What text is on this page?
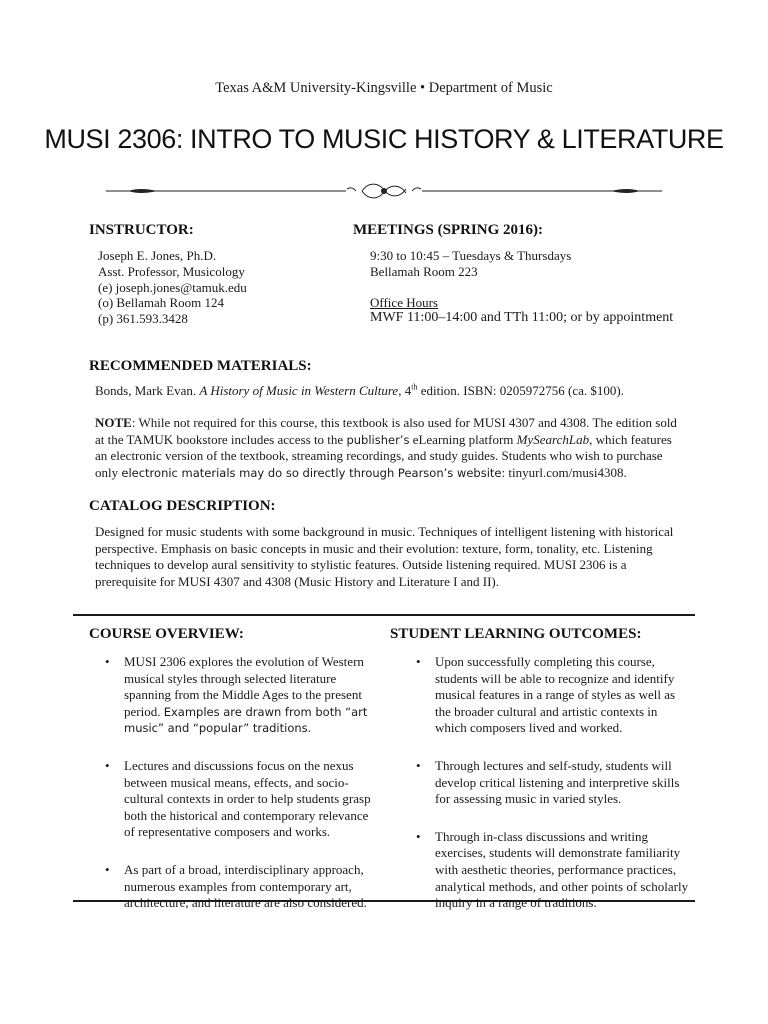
Texas A&M University-Kingsville • Department of Music
MUSI 2306: INTRO TO MUSIC HISTORY & LITERATURE
INSTRUCTOR:
Joseph E. Jones, Ph.D.
Asst. Professor, Musicology
(e) joseph.jones@tamuk.edu
(o) Bellamah Room 124
(p) 361.593.3428
MEETINGS (SPRING 2016):
9:30 to 10:45 – Tuesdays & Thursdays
Bellamah Room 223
Office Hours
MWF 11:00–14:00 and TTh 11:00; or by appointment
RECOMMENDED MATERIALS:
Bonds, Mark Evan. A History of Music in Western Culture, 4th edition. ISBN: 0205972756 (ca. $100).
NOTE: While not required for this course, this textbook is also used for MUSI 4307 and 4308. The edition sold at the TAMUK bookstore includes access to the publisher’s eLearning platform MySearchLab, which features an electronic version of the textbook, streaming recordings, and study guides. Students who wish to purchase only electronic materials may do so directly through Pearson’s website: tinyurl.com/musi4308.
CATALOG DESCRIPTION:
Designed for music students with some background in music. Techniques of intelligent listening with historical perspective. Emphasis on basic concepts in music and their evolution: texture, form, tonality, etc. Listening techniques to develop aural sensitivity to stylistic features. Outside listening required. MUSI 2306 is a prerequisite for MUSI 4307 and 4308 (Music History and Literature I and II).
COURSE OVERVIEW:
• MUSI 2306 explores the evolution of Western musical styles through selected literature spanning from the Middle Ages to the present period. Examples are drawn from both “art music” and “popular” traditions.
• Lectures and discussions focus on the nexus between musical means, effects, and socio-cultural contexts in order to help students grasp both the historical and contemporary relevance of representative composers and works.
• As part of a broad, interdisciplinary approach, numerous examples from contemporary art, architecture, and literature are also considered.
STUDENT LEARNING OUTCOMES:
• Upon successfully completing this course, students will be able to recognize and identify musical features in a range of styles as well as the broader cultural and artistic contexts in which composers lived and worked.
• Through lectures and self-study, students will develop critical listening and interpretive skills for assessing music in varied styles.
• Through in-class discussions and writing exercises, students will demonstrate familiarity with aesthetic theories, performance practices, analytical methods, and other points of scholarly inquiry in a range of traditions.
